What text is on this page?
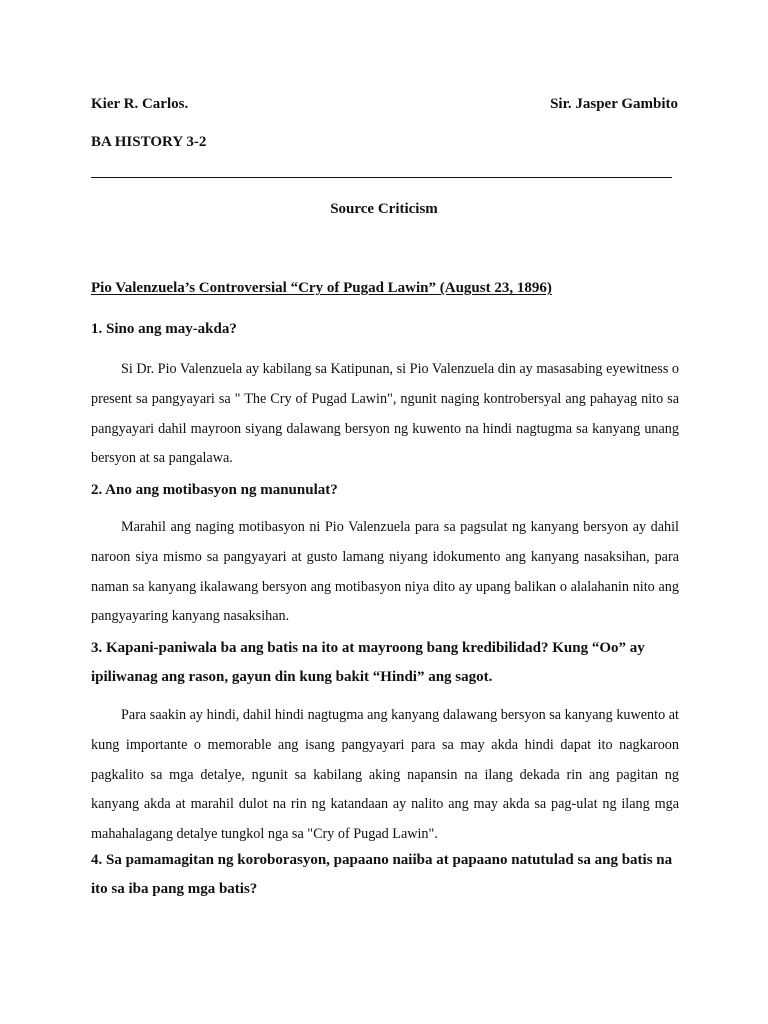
Kier R. Carlos.	Sir. Jasper Gambito
BA HISTORY 3-2
Source Criticism
Pio Valenzuela’s Controversial “Cry of Pugad Lawin” (August 23, 1896)
1. Sino ang may-akda?
Si Dr. Pio Valenzuela ay kabilang sa Katipunan, si Pio Valenzuela din ay masasabing eyewitness o present sa pangyayari sa " The Cry of Pugad Lawin", ngunit naging kontrobersyal ang pahayag nito sa pangyayari dahil mayroon siyang dalawang bersyon ng kuwento na hindi nagtugma sa kanyang unang bersyon at sa pangalawa.
2. Ano ang motibasyon ng manunulat?
Marahil ang naging motibasyon ni Pio Valenzuela para sa pagsulat ng kanyang bersyon ay dahil naroon siya mismo sa pangyayari at gusto lamang niyang idokumento ang kanyang nasaksihan, para naman sa kanyang ikalawang bersyon ang motibasyon niya dito ay upang balikan o alalahanin nito ang pangyayaring kanyang nasaksihan.
3. Kapani-paniwala ba ang batis na ito at mayroong bang kredibilidad? Kung “Oo” ay ipiliwanag ang rason, gayun din kung bakit “Hindi” ang sagot.
Para saakin ay hindi, dahil hindi nagtugma ang kanyang dalawang bersyon sa kanyang kuwento at kung importante o memorable ang isang pangyayari para sa may akda hindi dapat ito nagkaroon pagkalito sa mga detalye, ngunit sa kabilang aking napansin na ilang dekada rin ang pagitan ng kanyang akda at marahil dulot na rin ng katandaan ay nalito ang may akda sa pag-ulat ng ilang mga mahahalagang detalye tungkol nga sa "Cry of Pugad Lawin".
4. Sa pamamagitan ng koroborasyon, papaano naiiba at papaano natutulad sa ang batis na ito sa iba pang mga batis?
